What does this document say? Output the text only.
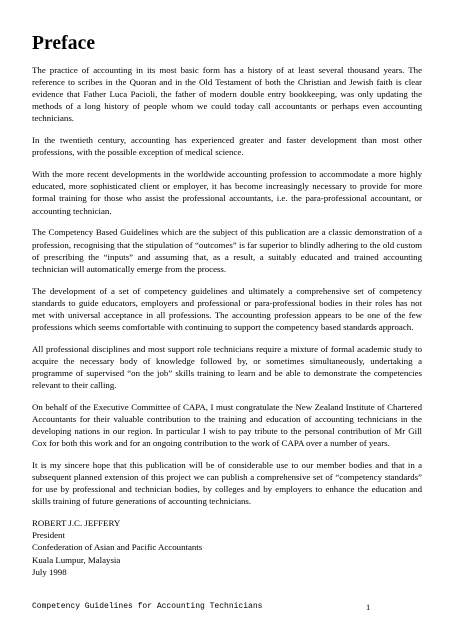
Preface

The practice of accounting in its most basic form has a history of at least several thousand years. The reference to scribes in the Quoran and in the Old Testament of both the Christian and Jewish faith is clear evidence that Father Luca Pacioli, the father of modern double entry bookkeeping, was only updating the methods of a long history of people whom we could today call accountants or perhaps even accounting technicians.

In the twentieth century, accounting has experienced greater and faster development than most other professions, with the possible exception of medical science.

With the more recent developments in the worldwide accounting profession to accommodate a more highly educated, more sophisticated client or employer, it has become increasingly necessary to provide for more formal training for those who assist the professional accountants, i.e. the para-professional accountant, or accounting technician.

The Competency Based Guidelines which are the subject of this publication are a classic demonstration of a profession, recognising that the stipulation of “outcomes” is far superior to blindly adhering to the old custom of prescribing the “inputs” and assuming that, as a result, a suitably educated and trained accounting technician will automatically emerge from the process.

The development of a set of competency guidelines and ultimately a comprehensive set of competency standards to guide educators, employers and professional or para-professional bodies in their roles has not met with universal acceptance in all professions. The accounting profession appears to be one of the few professions which seems comfortable with continuing to support the competency based standards approach.

All professional disciplines and most support role technicians require a mixture of formal academic study to acquire the necessary body of knowledge followed by, or sometimes simultaneously, undertaking a programme of supervised “on the job” skills training to learn and be able to demonstrate the competencies relevant to their calling.

On behalf of the Executive Committee of CAPA, I must congratulate the New Zealand Institute of Chartered Accountants for their valuable contribution to the training and education of accounting technicians in the developing nations in our region. In particular I wish to pay tribute to the personal contribution of Mr Gill Cox for both this work and for an ongoing contribution to the work of CAPA over a number of years.

It is my sincere hope that this publication will be of considerable use to our member bodies and that in a subsequent planned extension of this project we can publish a comprehensive set of “competency standards” for use by professional and technician bodies, by colleges and by employers to enhance the education and skills training of future generations of accounting technicians.

ROBERT J.C. JEFFERY
President
Confederation of Asian and Pacific Accountants
Kuala Lumpur, Malaysia
July 1998
Competency Guidelines for Accounting Technicians	1
